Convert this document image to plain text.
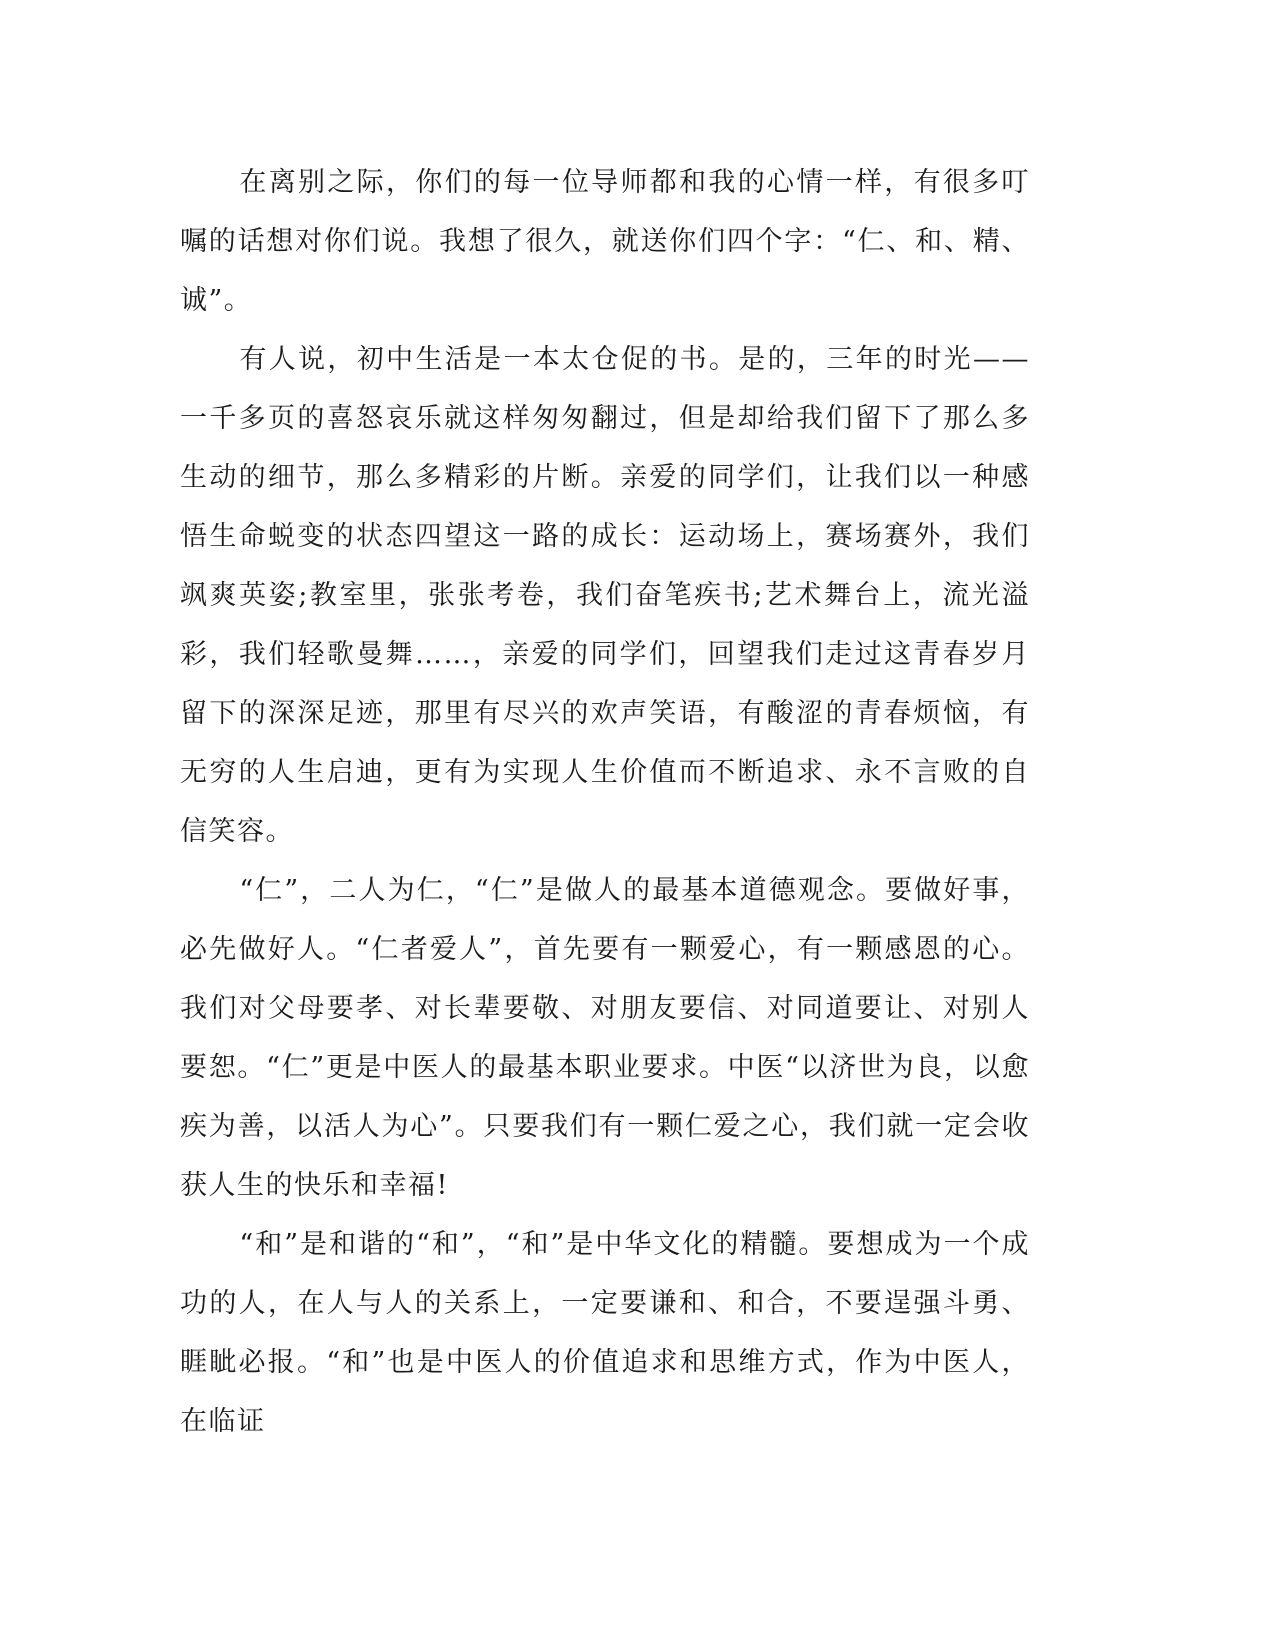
在离别之际，你们的每一位导师都和我的心情一样，有很多叮嘱的话想对你们说。我想了很久，就送你们四个字：“仁、和、精、诚”。

有人说，初中生活是一本太仓促的书。是的，三年的时光——一千多页的喜怒哀乐就这样匆匆翻过，但是却给我们留下了那么多生动的细节，那么多精彩的片断。亲爱的同学们，让我们以一种感悟生命蜕变的状态四望这一路的成长：运动场上，赛场赛外，我们飒爽英姿;教室里，张张考卷，我们奋笔疾书;艺术舞台上，流光溢彩，我们轻歌曼舞……，亲爱的同学们，回望我们走过这青春岁月留下的深深足迹，那里有尽兴的欢声笑语，有酸涩的青春烦恼，有无穷的人生启迪，更有为实现人生价值而不断追求、永不言败的自信笑容。

“仁”，二人为仁，“仁”是做人的最基本道德观念。要做好事，必先做好人。“仁者爱人”，首先要有一颗爱心，有一颗感恩的心。我们对父母要孝、对长辈要敬、对朋友要信、对同道要让、对别人要恕。“仁”更是中医人的最基本职业要求。中医“以济世为良，以愈疾为善，以活人为心”。只要我们有一颗仁爱之心，我们就一定会收获人生的快乐和幸福!

“和”是和谐的“和”，“和”是中华文化的精髓。要想成为一个成功的人，在人与人的关系上，一定要谦和、和合，不要逞强斗勇、睚眦必报。“和”也是中医人的价值追求和思维方式，作为中医人，在临证
